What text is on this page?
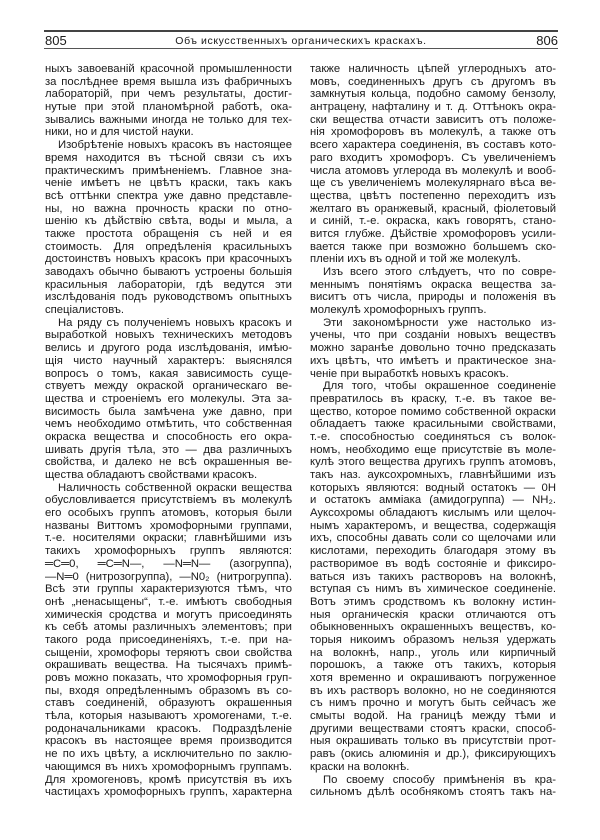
805	Объ искусственныхъ органическихъ краскахъ.	806
ныхъ завоеваній красочной промышленности
за послѣднее время вышла изъ фабричныхъ
лабораторій, при чемъ результаты, достиг-
нутые при этой планомѣрной работѣ, ока-
зывались важными иногда не только для тех-
ники, но и для чистой науки.
Изобрѣтеніе новыхъ красокъ въ настоящее
время находится въ тѣсной связи съ ихъ
практическимъ примѣненіемъ. Главное зна-
ченіе имѣетъ не цвѣтъ краски, такъ какъ
всѣ оттѣнки спектра уже давно представле-
ны, но важна прочность краски по отно-
шенію къ дѣйствію свѣта, воды и мыла, а
также простота обращенія съ ней и ея
стоимость. Для опредѣленія красильныхъ
достоинствъ новыхъ красокъ при красочныхъ
заводахъ обычно бываютъ устроены большія
красильныя лабораторіи, гдѣ ведутся эти
изслѣдованія подъ руководствомъ опытныхъ
спеціалистовъ.
На ряду съ полученіемъ новыхъ красокъ и
выработкой новыхъ техническихъ методовъ
велись и другого рода изслѣдованія, имѣю-
щія чисто научный характеръ: выяснялся
вопросъ о томъ, какая зависимость суще-
ствуетъ между окраской органическаго ве-
щества и строеніемъ его молекулы. Эта за-
висимость была замѣчена уже давно, при
чемъ необходимо отмѣтить, что собственная
окраска вещества и способность его окра-
шивать другія тѣла, это — два различныхъ
свойства, и далеко не всѣ окрашенныя ве-
щества обладаютъ свойствами красокъ.
Наличность собственной окраски вещества
обусловливается присутствіемъ въ молекулѣ
его особыхъ группъ атомовъ, которыя были
названы Виттомъ хромофорными группами,
т.-е. носителями окраски; главнѣйшими изъ
такихъ хромофорныхъ группъ являются:
═C═0, ═C═N—, —N═N— (азогруппа),
—N═0 (нитрозогруппа), —N0₂ (нитрогруппа).
Всѣ эти группы характеризуются тѣмъ, что
онѣ „ненасыщены“, т.-е. имѣютъ свободныя
химическія сродства и могутъ присоединять
къ себѣ атомы различныхъ элементовъ; при
такого рода присоединеніяхъ, т.-е. при на-
сыщеніи, хромофоры теряютъ свои свойства
окрашивать вещества. На тысячахъ примѣ-
ровъ можно показать, что хромофорныя груп-
пы, входя опредѣленнымъ образомъ въ со-
ставъ соединеній, образуютъ окрашенныя
тѣла, которыя называютъ хромогенами, т.-е.
родоначальниками красокъ. Подраздѣленіе
красокъ въ настоящее время производится
не по ихъ цвѣту, а исключительно по заклю-
чающимся въ нихъ хромофорнымъ группамъ.
Для хромогеновъ, кромѣ присутствія въ ихъ
частицахъ хромофорныхъ группъ, характерна
также наличность цѣпей углеродныхъ ато-
мовъ, соединенныхъ другъ съ другомъ въ
замкнутыя кольца, подобно самому бензолу,
антрацену, нафталину и т. д. Оттѣнокъ окра-
ски вещества отчасти зависитъ отъ положе-
нія хромофоровъ въ молекулѣ, а также отъ
всего характера соединенія, въ составъ кото-
раго входитъ хромофоръ. Съ увеличеніемъ
числа атомовъ углерода въ молекулѣ и вооб-
ще съ увеличеніемъ молекулярнаго вѣса ве-
щества, цвѣтъ постепенно переходитъ изъ
желтаго въ оранжевый, красный, фіолетовый
и синій, т.-е. окраска, какъ говорятъ, стано-
вится глубже. Дѣйствіе хромофоровъ усили-
вается также при возможно большемъ ско-
пленіи ихъ въ одной и той же молекулѣ.
Изъ всего этого слѣдуетъ, что по совре-
меннымъ понятіямъ окраска вещества за-
виситъ отъ числа, природы и положенія въ
молекулѣ хромофорныхъ группъ.
Эти закономѣрности уже настолько из-
учены, что при созданіи новыхъ веществъ
можно заранѣе довольно точно предсказать
ихъ цвѣтъ, что имѣетъ и практическое зна-
ченіе при выработкѣ новыхъ красокъ.
Для того, чтобы окрашенное соединеніе
превратилось въ краску, т.-е. въ такое ве-
щество, которое помимо собственной окраски
обладаетъ также красильными свойствами,
т.-е. способностью соединяться съ волок-
номъ, необходимо еще присутствіе въ моле-
кулѣ этого вещества другихъ группъ атомовъ,
такъ наз. ауксохромныхъ, главнѣйшими изъ
которыхъ являются: водный остатокъ — 0H
и остатокъ аммiака (амидогруппа) — NH₂.
Ауксохромы обладаютъ кислымъ или щелоч-
нымъ характеромъ, и вещества, содержащія
ихъ, способны давать соли со щелочами или
кислотами, переходить благодаря этому въ
растворимое въ водѣ состояніе и фиксиро-
ваться изъ такихъ растворовъ на волокнѣ,
вступая съ нимъ въ химическое соединеніе.
Вотъ этимъ сродствомъ къ волокну истин-
ныя органическія краски отличаются отъ
обыкновенныхъ окрашенныхъ веществъ, ко-
торыя никоимъ образомъ нельзя удержать
на волокнѣ, напр., уголь или кирпичный
порошокъ, а также отъ такихъ, которыя
хотя временно и окрашиваютъ погруженное
въ ихъ растворъ волокно, но не соединяются
съ нимъ прочно и могутъ быть сейчасъ же
смыты водой. На границѣ между тѣми и
другими веществами стоятъ краски, способ-
ныя окрашивать только въ присутствіи прот-
равъ (окись алюминія и др.), фиксирующихъ
краски на волокнѣ.
По своему способу примѣненія въ кра-
сильномъ дѣлѣ особнякомъ стоятъ такъ на-
